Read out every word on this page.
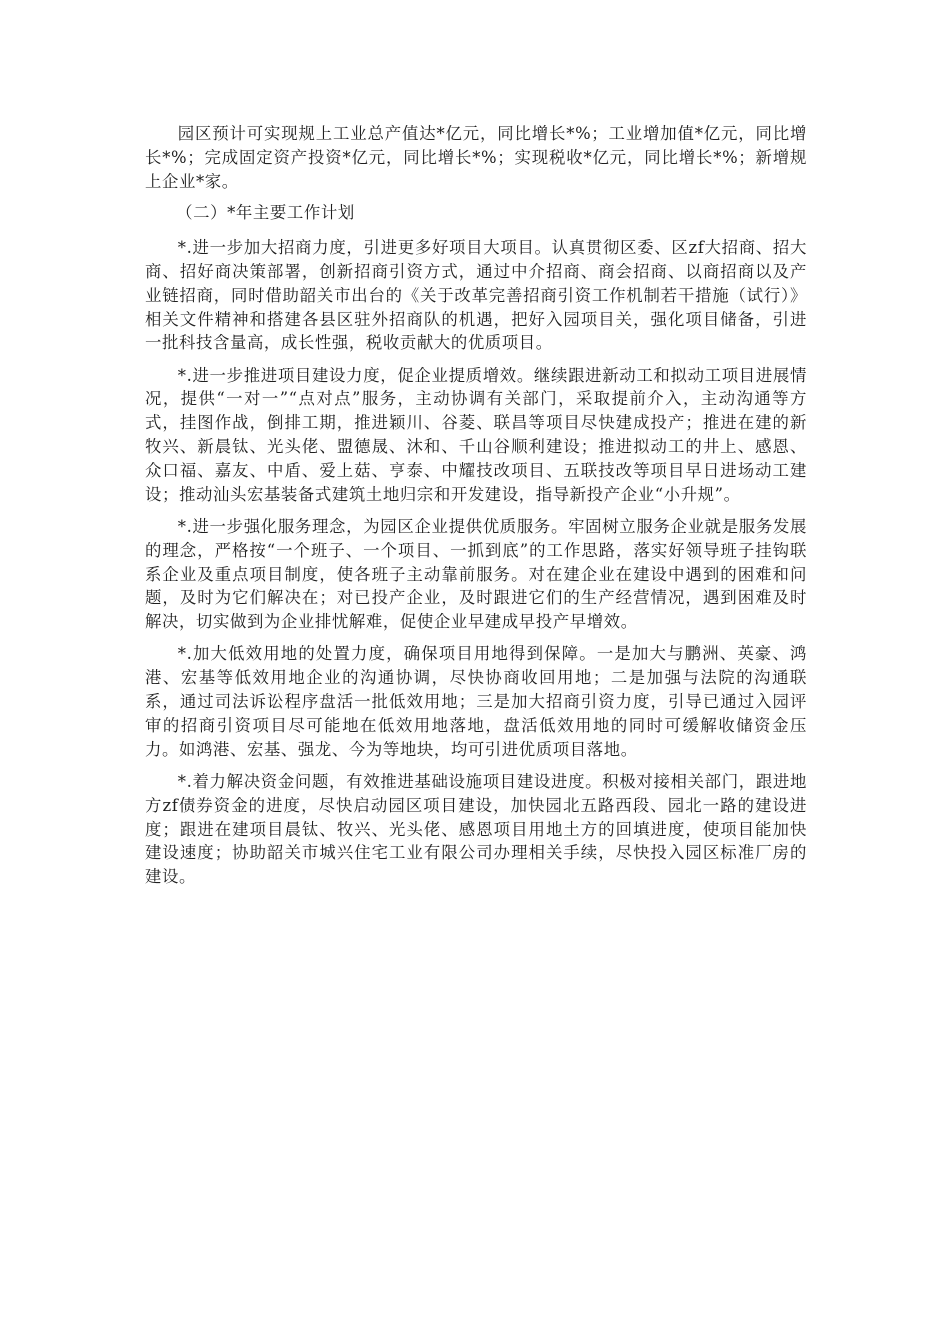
园区预计可实现规上工业总产值达*亿元，同比增长*%；工业增加值*亿元，同比增长*%；完成固定资产投资*亿元，同比增长*%；实现税收*亿元，同比增长*%；新增规上企业*家。

（二）*年主要工作计划

*.进一步加大招商力度，引进更多好项目大项目。认真贯彻区委、区zf大招商、招大商、招好商决策部署，创新招商引资方式，通过中介招商、商会招商、以商招商以及产业链招商，同时借助韶关市出台的《关于改革完善招商引资工作机制若干措施（试行）》相关文件精神和搭建各县区驻外招商队的机遇，把好入园项目关，强化项目储备，引进一批科技含量高，成长性强，税收贡献大的优质项目。

*.进一步推进项目建设力度，促企业提质增效。继续跟进新动工和拟动工项目进展情况，提供“一对一”“点对点”服务，主动协调有关部门，采取提前介入，主动沟通等方式，挂图作战，倒排工期，推进颖川、谷菱、联昌等项目尽快建成投产；推进在建的新牧兴、新晨钛、光头佬、盟德晟、沐和、千山谷顺利建设；推进拟动工的井上、感恩、众口福、嘉友、中盾、爱上菇、亨泰、中耀技改项目、五联技改等项目早日进场动工建设；推动汕头宏基装备式建筑土地归宗和开发建设，指导新投产企业“小升规”。

*.进一步强化服务理念，为园区企业提供优质服务。牢固树立服务企业就是服务发展的理念，严格按“一个班子、一个项目、一抓到底”的工作思路，落实好领导班子挂钩联系企业及重点项目制度，使各班子主动靠前服务。对在建企业在建设中遇到的困难和问题，及时为它们解决在；对已投产企业，及时跟进它们的生产经营情况，遇到困难及时解决，切实做到为企业排忧解难，促使企业早建成早投产早增效。

*.加大低效用地的处置力度，确保项目用地得到保障。一是加大与鹏洲、英豪、鸿港、宏基等低效用地企业的沟通协调，尽快协商收回用地；二是加强与法院的沟通联系，通过司法诉讼程序盘活一批低效用地；三是加大招商引资力度，引导已通过入园评审的招商引资项目尽可能地在低效用地落地，盘活低效用地的同时可缓解收储资金压力。如鸿港、宏基、强龙、今为等地块，均可引进优质项目落地。

*.着力解决资金问题，有效推进基础设施项目建设进度。积极对接相关部门，跟进地方zf债券资金的进度，尽快启动园区项目建设，加快园北五路西段、园北一路的建设进度；跟进在建项目晨钛、牧兴、光头佬、感恩项目用地土方的回填进度，使项目能加快建设速度；协助韶关市城兴住宅工业有限公司办理相关手续，尽快投入园区标准厂房的建设。
